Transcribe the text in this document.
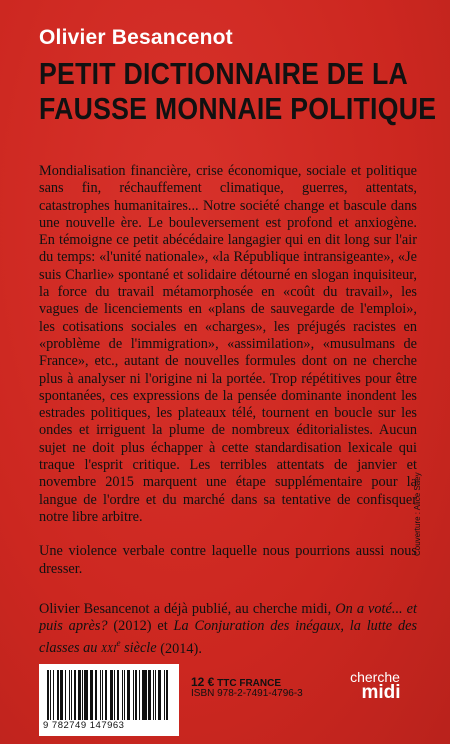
Olivier Besancenot
PETIT DICTIONNAIRE DE LA
FAUSSE MONNAIE POLITIQUE

Mondialisation financière, crise économique, sociale et politique sans fin, réchauffement climatique, guerres, attentats, catastrophes humanitaires... Notre société change et bascule dans une nouvelle ère. Le bouleversement est profond et anxiogène. En témoigne ce petit abécédaire langagier qui en dit long sur l'air du temps: «l'unité nationale», «la République intransigeante», «Je suis Charlie» spontané et solidaire détourné en slogan inquisiteur, la force du travail métamorphosée en «coût du travail», les vagues de licenciements en «plans de sauvegarde de l'emploi», les cotisations sociales en «charges», les préjugés racistes en «problème de l'immigration», «assimilation», «musulmans de France», etc., autant de nouvelles formules dont on ne cherche plus à analyser ni l'origine ni la portée. Trop répétitives pour être spontanées, ces expressions de la pensée dominante inondent les estrades politiques, les plateaux télé, tournent en boucle sur les ondes et irriguent la plume de nombreux éditorialistes. Aucun sujet ne doit plus échapper à cette standardisation lexicale qui traque l'esprit critique. Les terribles attentats de janvier et novembre 2015 marquent une étape supplémentaire pour la langue de l'ordre et du marché dans sa tentative de confisquer notre libre arbitre.

Une violence verbale contre laquelle nous pourrions aussi nous dresser.

Olivier Besancenot a déjà publié, au cherche midi, On a voté... et puis après? (2012) et La Conjuration des inégaux, la lutte des classes au xxi$^e$ siècle (2014).
Couverture : Alice Saey
9 782749 147963
12 € TTC FRANCE
ISBN 978-2-7491-4796-3
cherche
midi
